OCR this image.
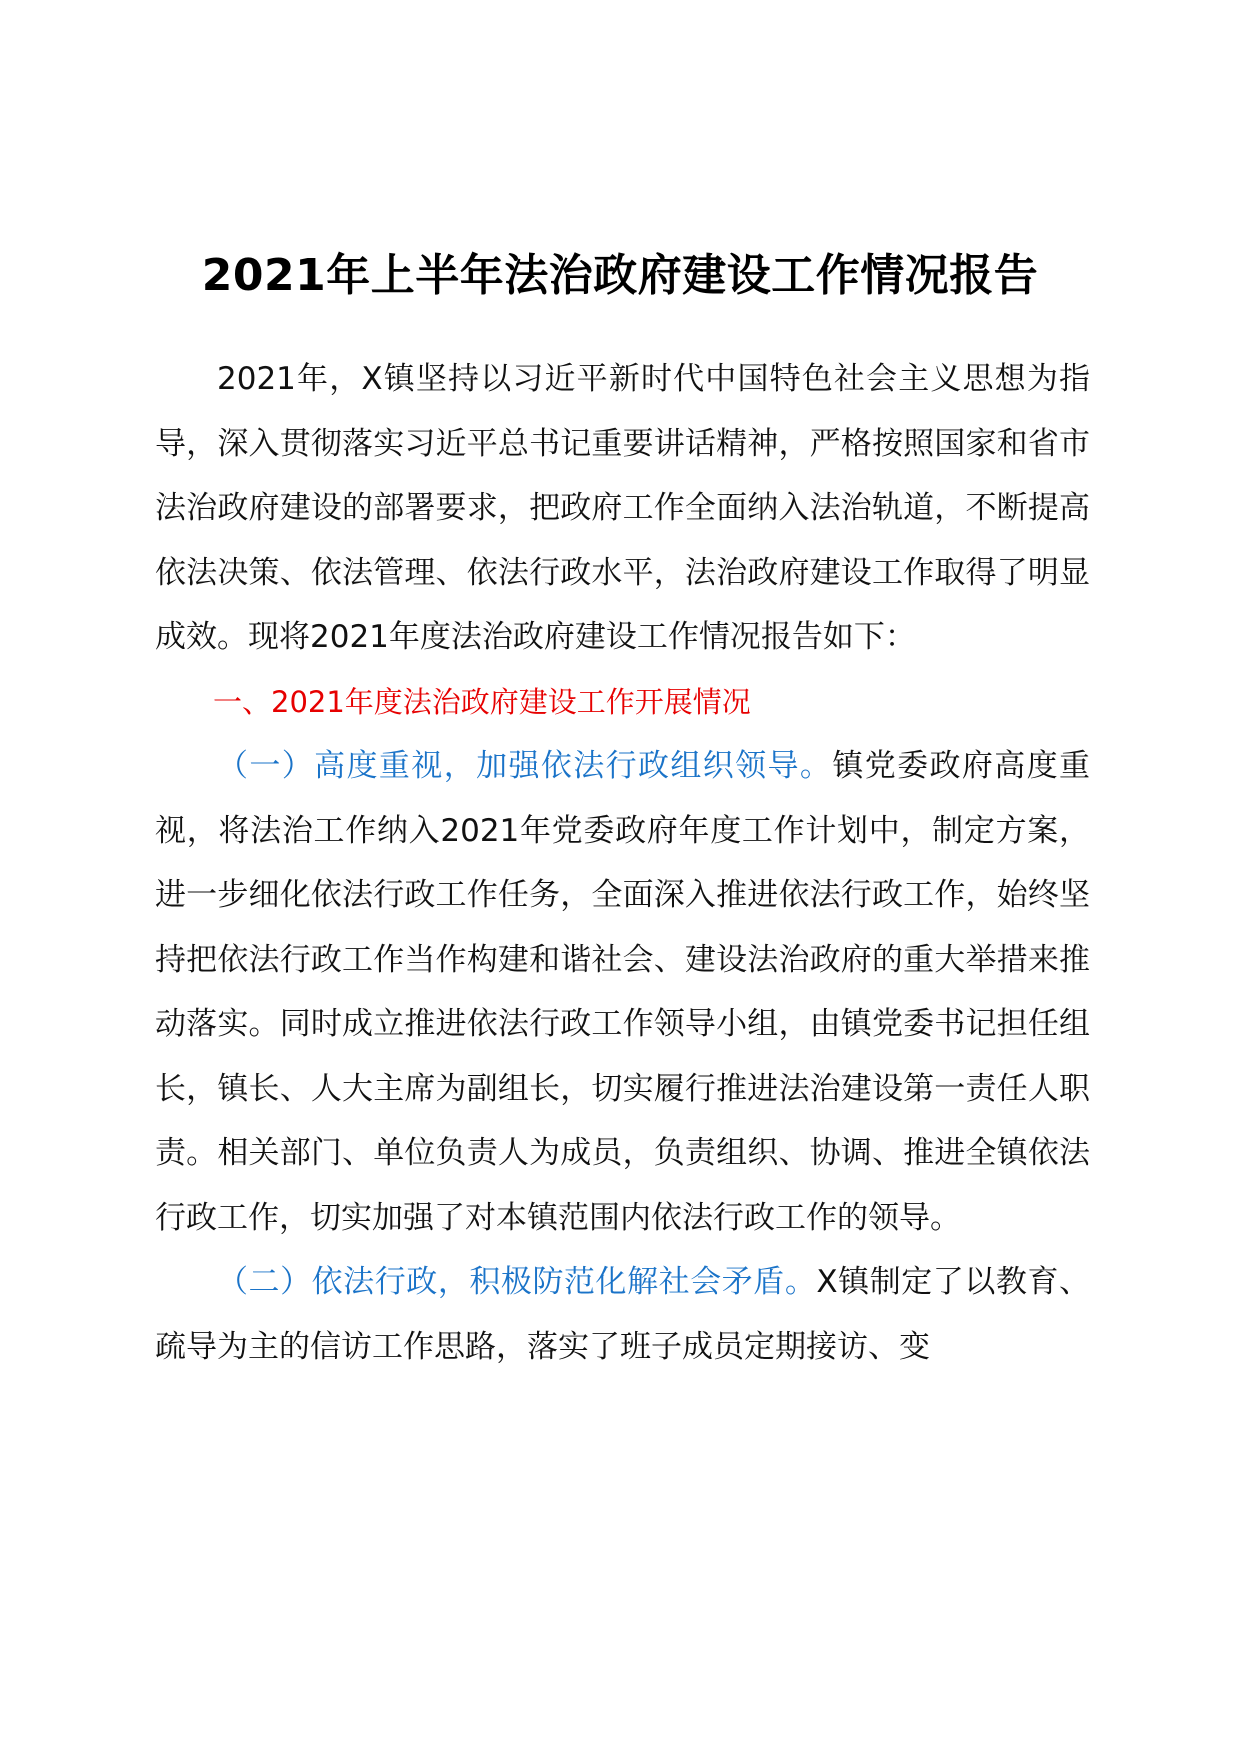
2021年上半年法治政府建设工作情况报告

2021年，X镇坚持以习近平新时代中国特色社会主义思想为指导，深入贯彻落实习近平总书记重要讲话精神，严格按照国家和省市法治政府建设的部署要求，把政府工作全面纳入法治轨道，不断提高依法决策、依法管理、依法行政水平，法治政府建设工作取得了明显成效。现将2021年度法治政府建设工作情况报告如下：

一、2021年度法治政府建设工作开展情况

（一）高度重视，加强依法行政组织领导。镇党委政府高度重视，将法治工作纳入2021年党委政府年度工作计划中，制定方案，进一步细化依法行政工作任务，全面深入推进依法行政工作，始终坚持把依法行政工作当作构建和谐社会、建设法治政府的重大举措来推动落实。同时成立推进依法行政工作领导小组，由镇党委书记担任组长，镇长、人大主席为副组长，切实履行推进法治建设第一责任人职责。相关部门、单位负责人为成员，负责组织、协调、推进全镇依法行政工作，切实加强了对本镇范围内依法行政工作的领导。

（二）依法行政，积极防范化解社会矛盾。X镇制定了以教育、疏导为主的信访工作思路，落实了班子成员定期接访、变
